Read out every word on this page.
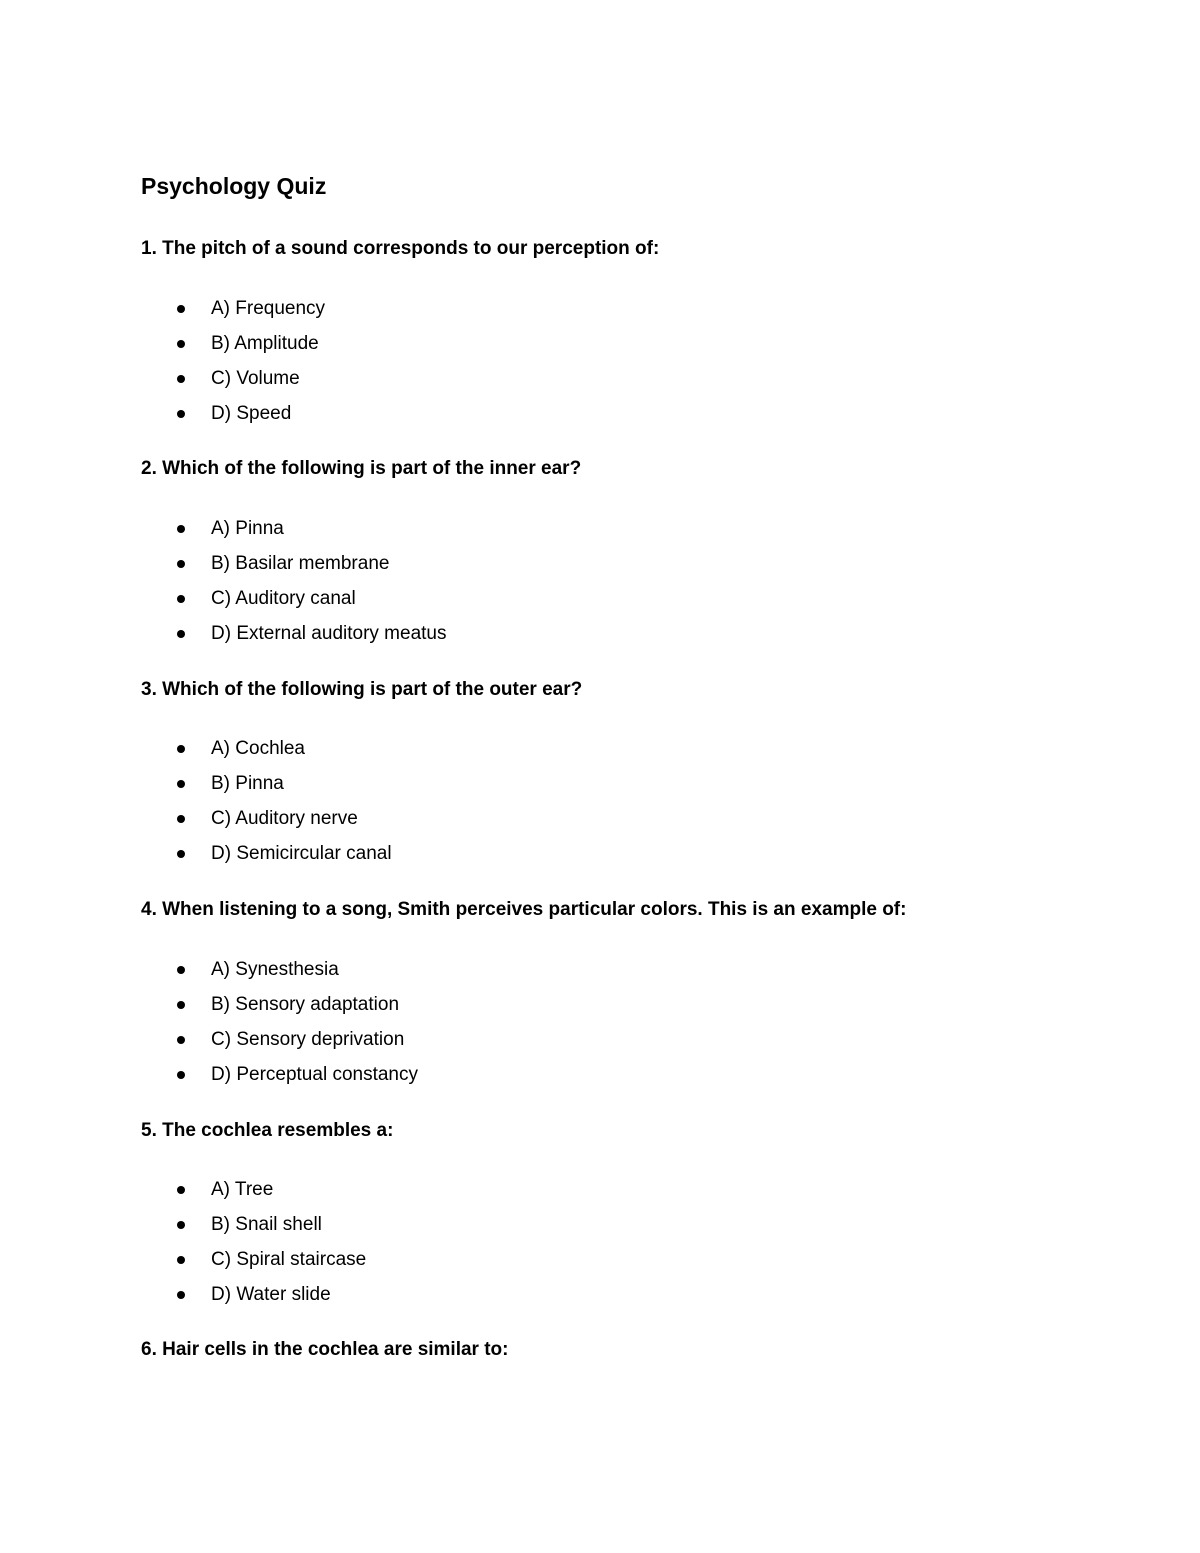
Psychology Quiz
1. The pitch of a sound corresponds to our perception of:
A) Frequency
B) Amplitude
C) Volume
D) Speed
2. Which of the following is part of the inner ear?
A) Pinna
B) Basilar membrane
C) Auditory canal
D) External auditory meatus
3. Which of the following is part of the outer ear?
A) Cochlea
B) Pinna
C) Auditory nerve
D) Semicircular canal
4. When listening to a song, Smith perceives particular colors. This is an example of:
A) Synesthesia
B) Sensory adaptation
C) Sensory deprivation
D) Perceptual constancy
5. The cochlea resembles a:
A) Tree
B) Snail shell
C) Spiral staircase
D) Water slide
6. Hair cells in the cochlea are similar to:
